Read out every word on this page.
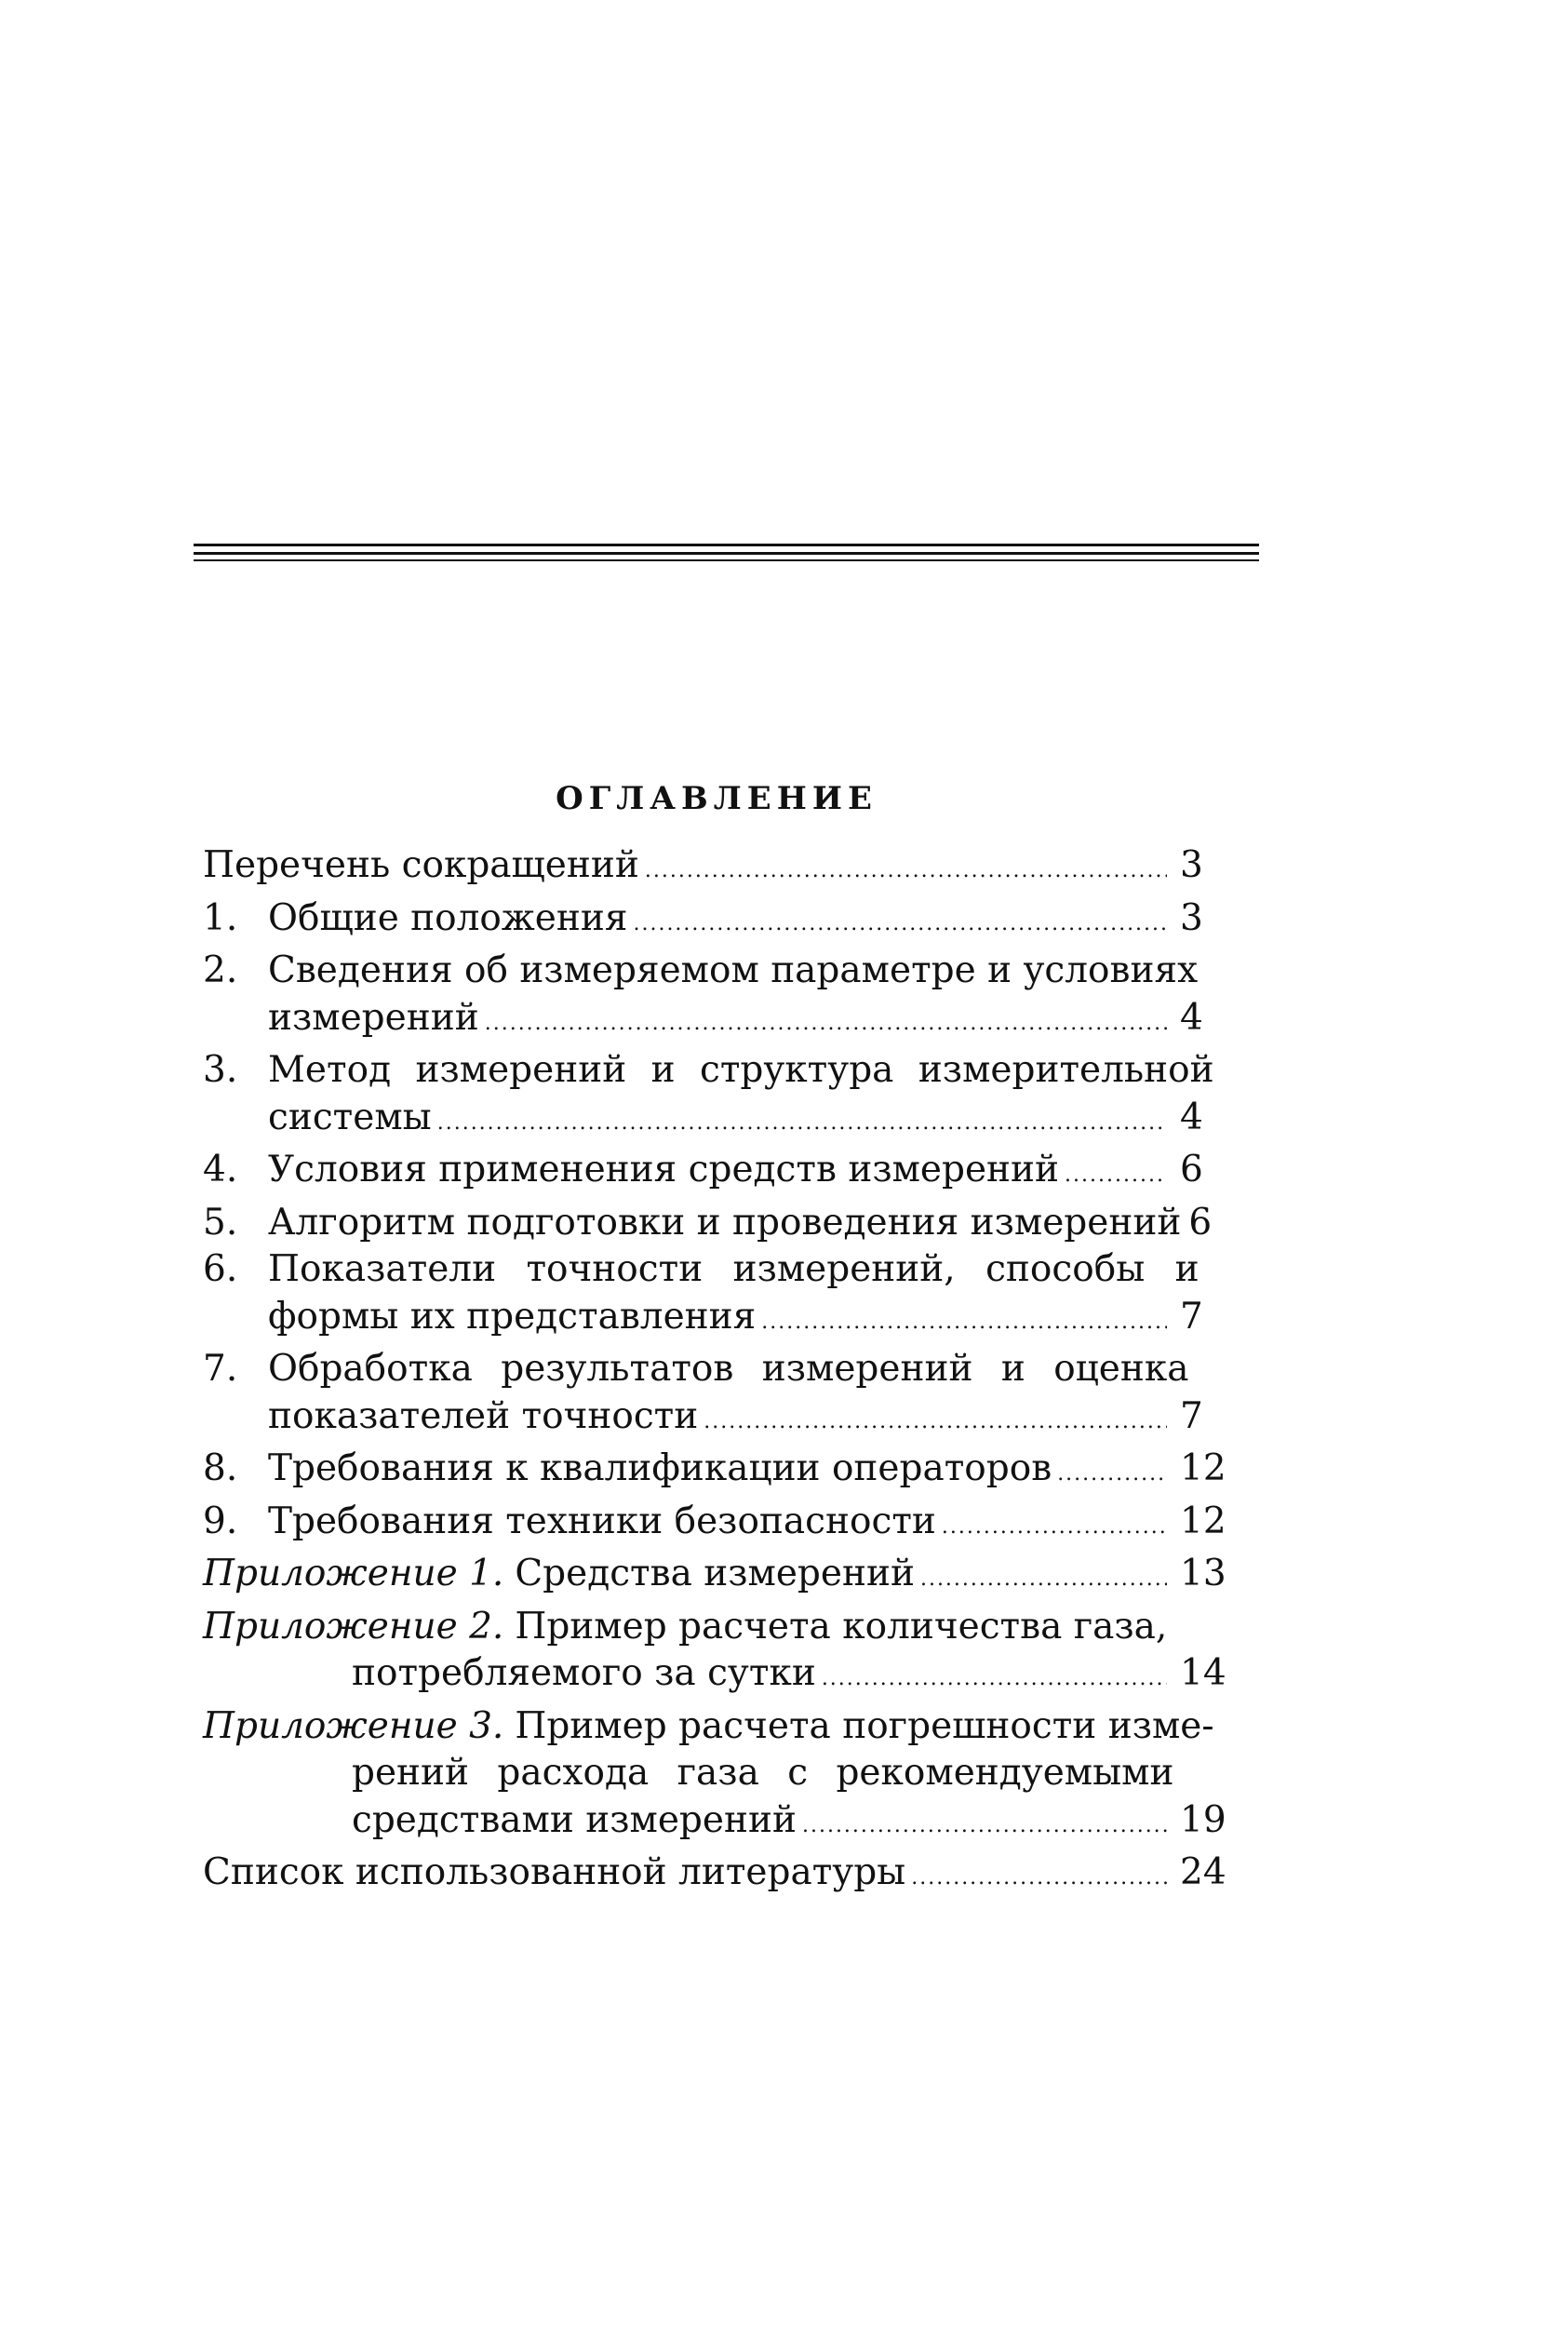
ОГЛАВЛЕНИЕ
Перечень сокращений .....	3
1. Общие положения .....	3
2. Сведения об измеряемом параметре и условиях
измерений .....	4
3. Метод измерений и структура измерительной
системы .....	4
4. Условия применения средств измерений .....	6
5. Алгоритм подготовки и проведения измерений 6
6. Показатели точности измерений, способы и
формы их представления .....	7
7. Обработка результатов измерений и оценка
показателей точности .....	7
8. Требования к квалификации операторов .....	12
9. Требования техники безопасности .....	12
Приложение 1. Средства измерений .....	13
Приложение 2. Пример расчета количества газа,
потребляемого за сутки .....	14
Приложение 3. Пример расчета погрешности изме-
рений расхода газа с рекомендуемыми
средствами измерений .....	19
Список использованной литературы .....	24
